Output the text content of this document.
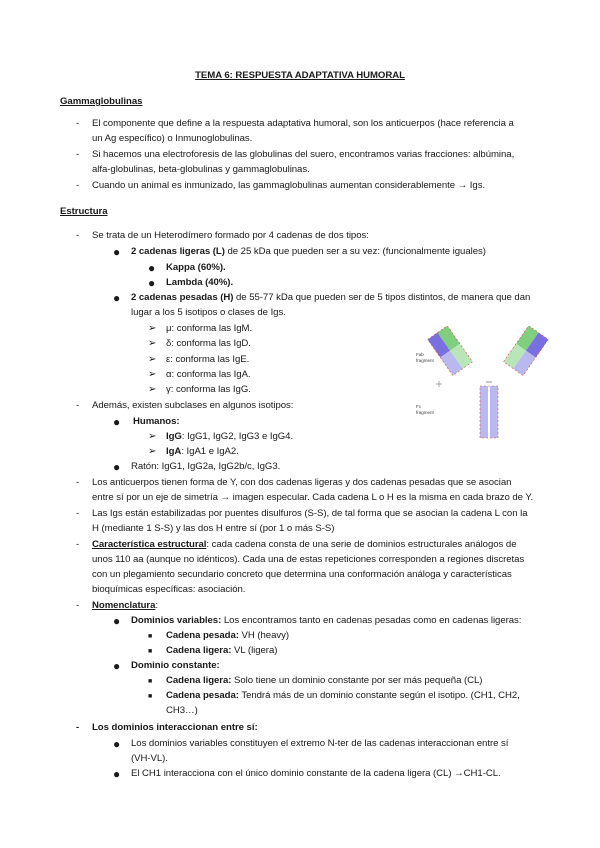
TEMA 6: RESPUESTA ADAPTATIVA HUMORAL
Gammaglobulinas
- El componente que define a la respuesta adaptativa humoral, son los anticuerpos (hace referencia a
un Ag específico) o Inmunoglobulinas.
- Si hacemos una electroforesis de las globulinas del suero, encontramos varias fracciones: albúmina,
alfa-globulinas, beta-globulinas y gammaglobulinas.
- Cuando un animal es inmunizado, las gammaglobulinas aumentan considerablemente → Igs.
Estructura
- Se trata de un Heterodímero formado por 4 cadenas de dos tipos:
● 2 cadenas ligeras (L) de 25 kDa que pueden ser a su vez: (funcionalmente iguales)
● Kappa (60%).
● Lambda (40%).
● 2 cadenas pesadas (H) de 55-77 kDa que pueden ser de 5 tipos distintos, de manera que dan
lugar a los 5 isotipos o clases de Igs.
➢ μ: conforma las IgM.
➢ δ: conforma las IgD.
➢ ε: conforma las IgE.
➢ α: conforma las IgA.
➢ γ: conforma las IgG.
- Además, existen subclases en algunos isotipos:
● Humanos:
➢ IgG: IgG1, IgG2, IgG3 e IgG4.
➢ IgA: IgA1 e IgA2.
● Ratón: IgG1, IgG2a, IgG2b/c, IgG3.
- Los anticuerpos tienen forma de Y, con dos cadenas ligeras y dos cadenas pesadas que se asocian
entre sí por un eje de simetría → imagen especular. Cada cadena L o H es la misma en cada brazo de Y.
- Las Igs están estabilizadas por puentes disulfuros (S-S), de tal forma que se asocian la cadena L con la
H (mediante 1 S-S) y las dos H entre sí (por 1 o más S-S)
- Característica estructural: cada cadena consta de una serie de dominios estructurales análogos de
unos 110 aa (aunque no idénticos). Cada una de estas repeticiones corresponden a regiones discretas
con un plegamiento secundario concreto que determina una conformación análoga y características
bioquímicas específicas: asociación.
- Nomenclatura:
● Dominios variables: Los encontramos tanto en cadenas pesadas como en cadenas ligeras:
■ Cadena pesada: VH (heavy)
■ Cadena ligera: VL (ligera)
● Dominio constante:
■ Cadena ligera: Solo tiene un dominio constante por ser más pequeña (CL)
■ Cadena pesada: Tendrá más de un dominio constante según el isotipo. (CH1, CH2,
CH3…)
- Los dominios interaccionan entre sí:
● Los dominios variables constituyen el extremo N-ter de las cadenas interaccionan entre sí
(VH-VL).
● El CH1 interacciona con el único dominio constante de la cadena ligera (CL) →CH1-CL.
Fab
fragment
Fc
fragment
